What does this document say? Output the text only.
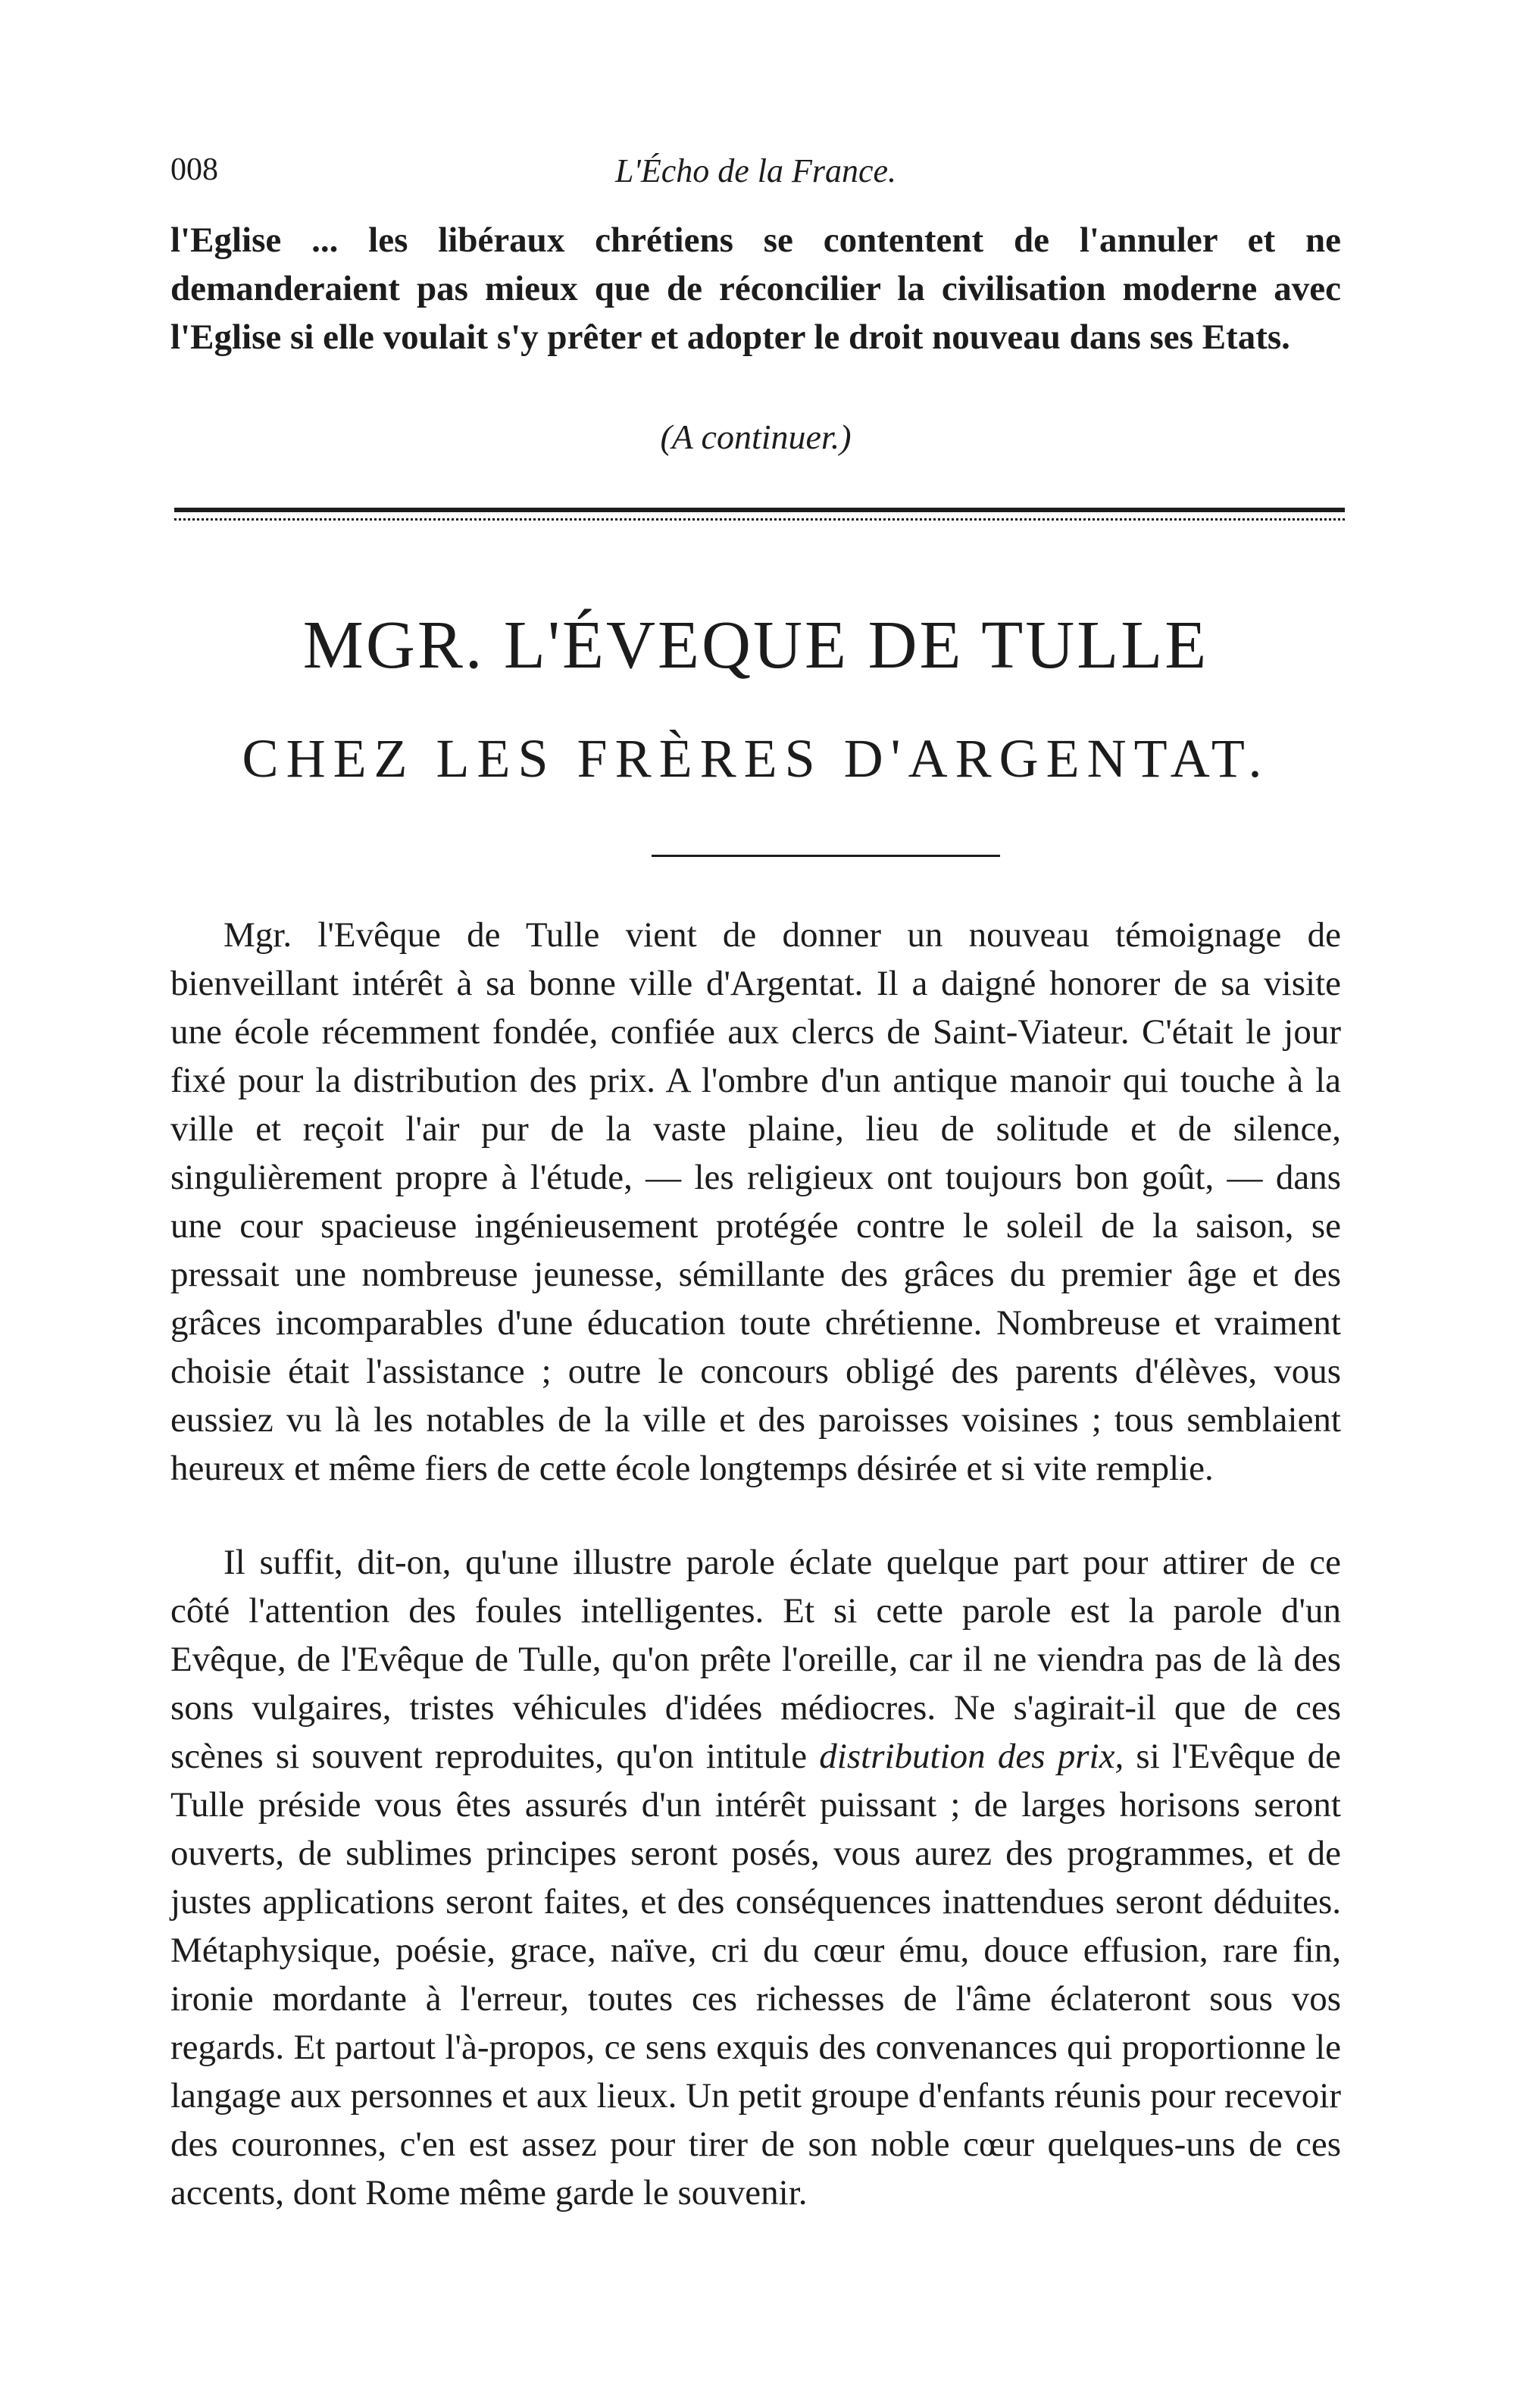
008	L'Écho de la France.

l'Eglise ... les libéraux chrétiens se contentent de l'annuler et ne demanderaient pas mieux que de réconcilier la civilisation moderne avec l'Eglise si elle voulait s'y prêter et adopter le droit nouveau dans ses Etats.

(A continuer.)
MGR. L'ÉVEQUE DE TULLE
CHEZ LES FRÈRES D'ARGENTAT.

Mgr. l'Evêque de Tulle vient de donner un nouveau témoignage de bienveillant intérêt à sa bonne ville d'Argentat. Il a daigné honorer de sa visite une école récemment fondée, confiée aux clercs de Saint-Viateur. C'était le jour fixé pour la distribution des prix. A l'ombre d'un antique manoir qui touche à la ville et reçoit l'air pur de la vaste plaine, lieu de solitude et de silence, singulièrement propre à l'étude, — les religieux ont toujours bon goût, — dans une cour spacieuse ingénieusement protégée contre le soleil de la saison, se pressait une nombreuse jeunesse, sémillante des grâces du premier âge et des grâces incomparables d'une éducation toute chrétienne. Nombreuse et vraiment choisie était l'assistance ; outre le concours obligé des parents d'élèves, vous eussiez vu là les notables de la ville et des paroisses voisines ; tous semblaient heureux et même fiers de cette école longtemps désirée et si vite remplie.

Il suffit, dit-on, qu'une illustre parole éclate quelque part pour attirer de ce côté l'attention des foules intelligentes. Et si cette parole est la parole d'un Evêque, de l'Evêque de Tulle, qu'on prête l'oreille, car il ne viendra pas de là des sons vulgaires, tristes véhicules d'idées médiocres. Ne s'agirait-il que de ces scènes si souvent reproduites, qu'on intitule distribution des prix, si l'Evêque de Tulle préside vous êtes assurés d'un intérêt puissant ; de larges horisons seront ouverts, de sublimes principes seront posés, vous aurez des programmes, et de justes applications seront faites, et des conséquences inattendues seront déduites. Métaphysique, poésie, grace, naïve, cri du cœur ému, douce effusion, rare fin, ironie mordante à l'erreur, toutes ces richesses de l'âme éclateront sous vos regards. Et partout l'à-propos, ce sens exquis des convenances qui proportionne le langage aux personnes et aux lieux. Un petit groupe d'enfants réunis pour recevoir des couronnes, c'en est assez pour tirer de son noble cœur quelques-uns de ces accents, dont Rome même garde le souvenir.
